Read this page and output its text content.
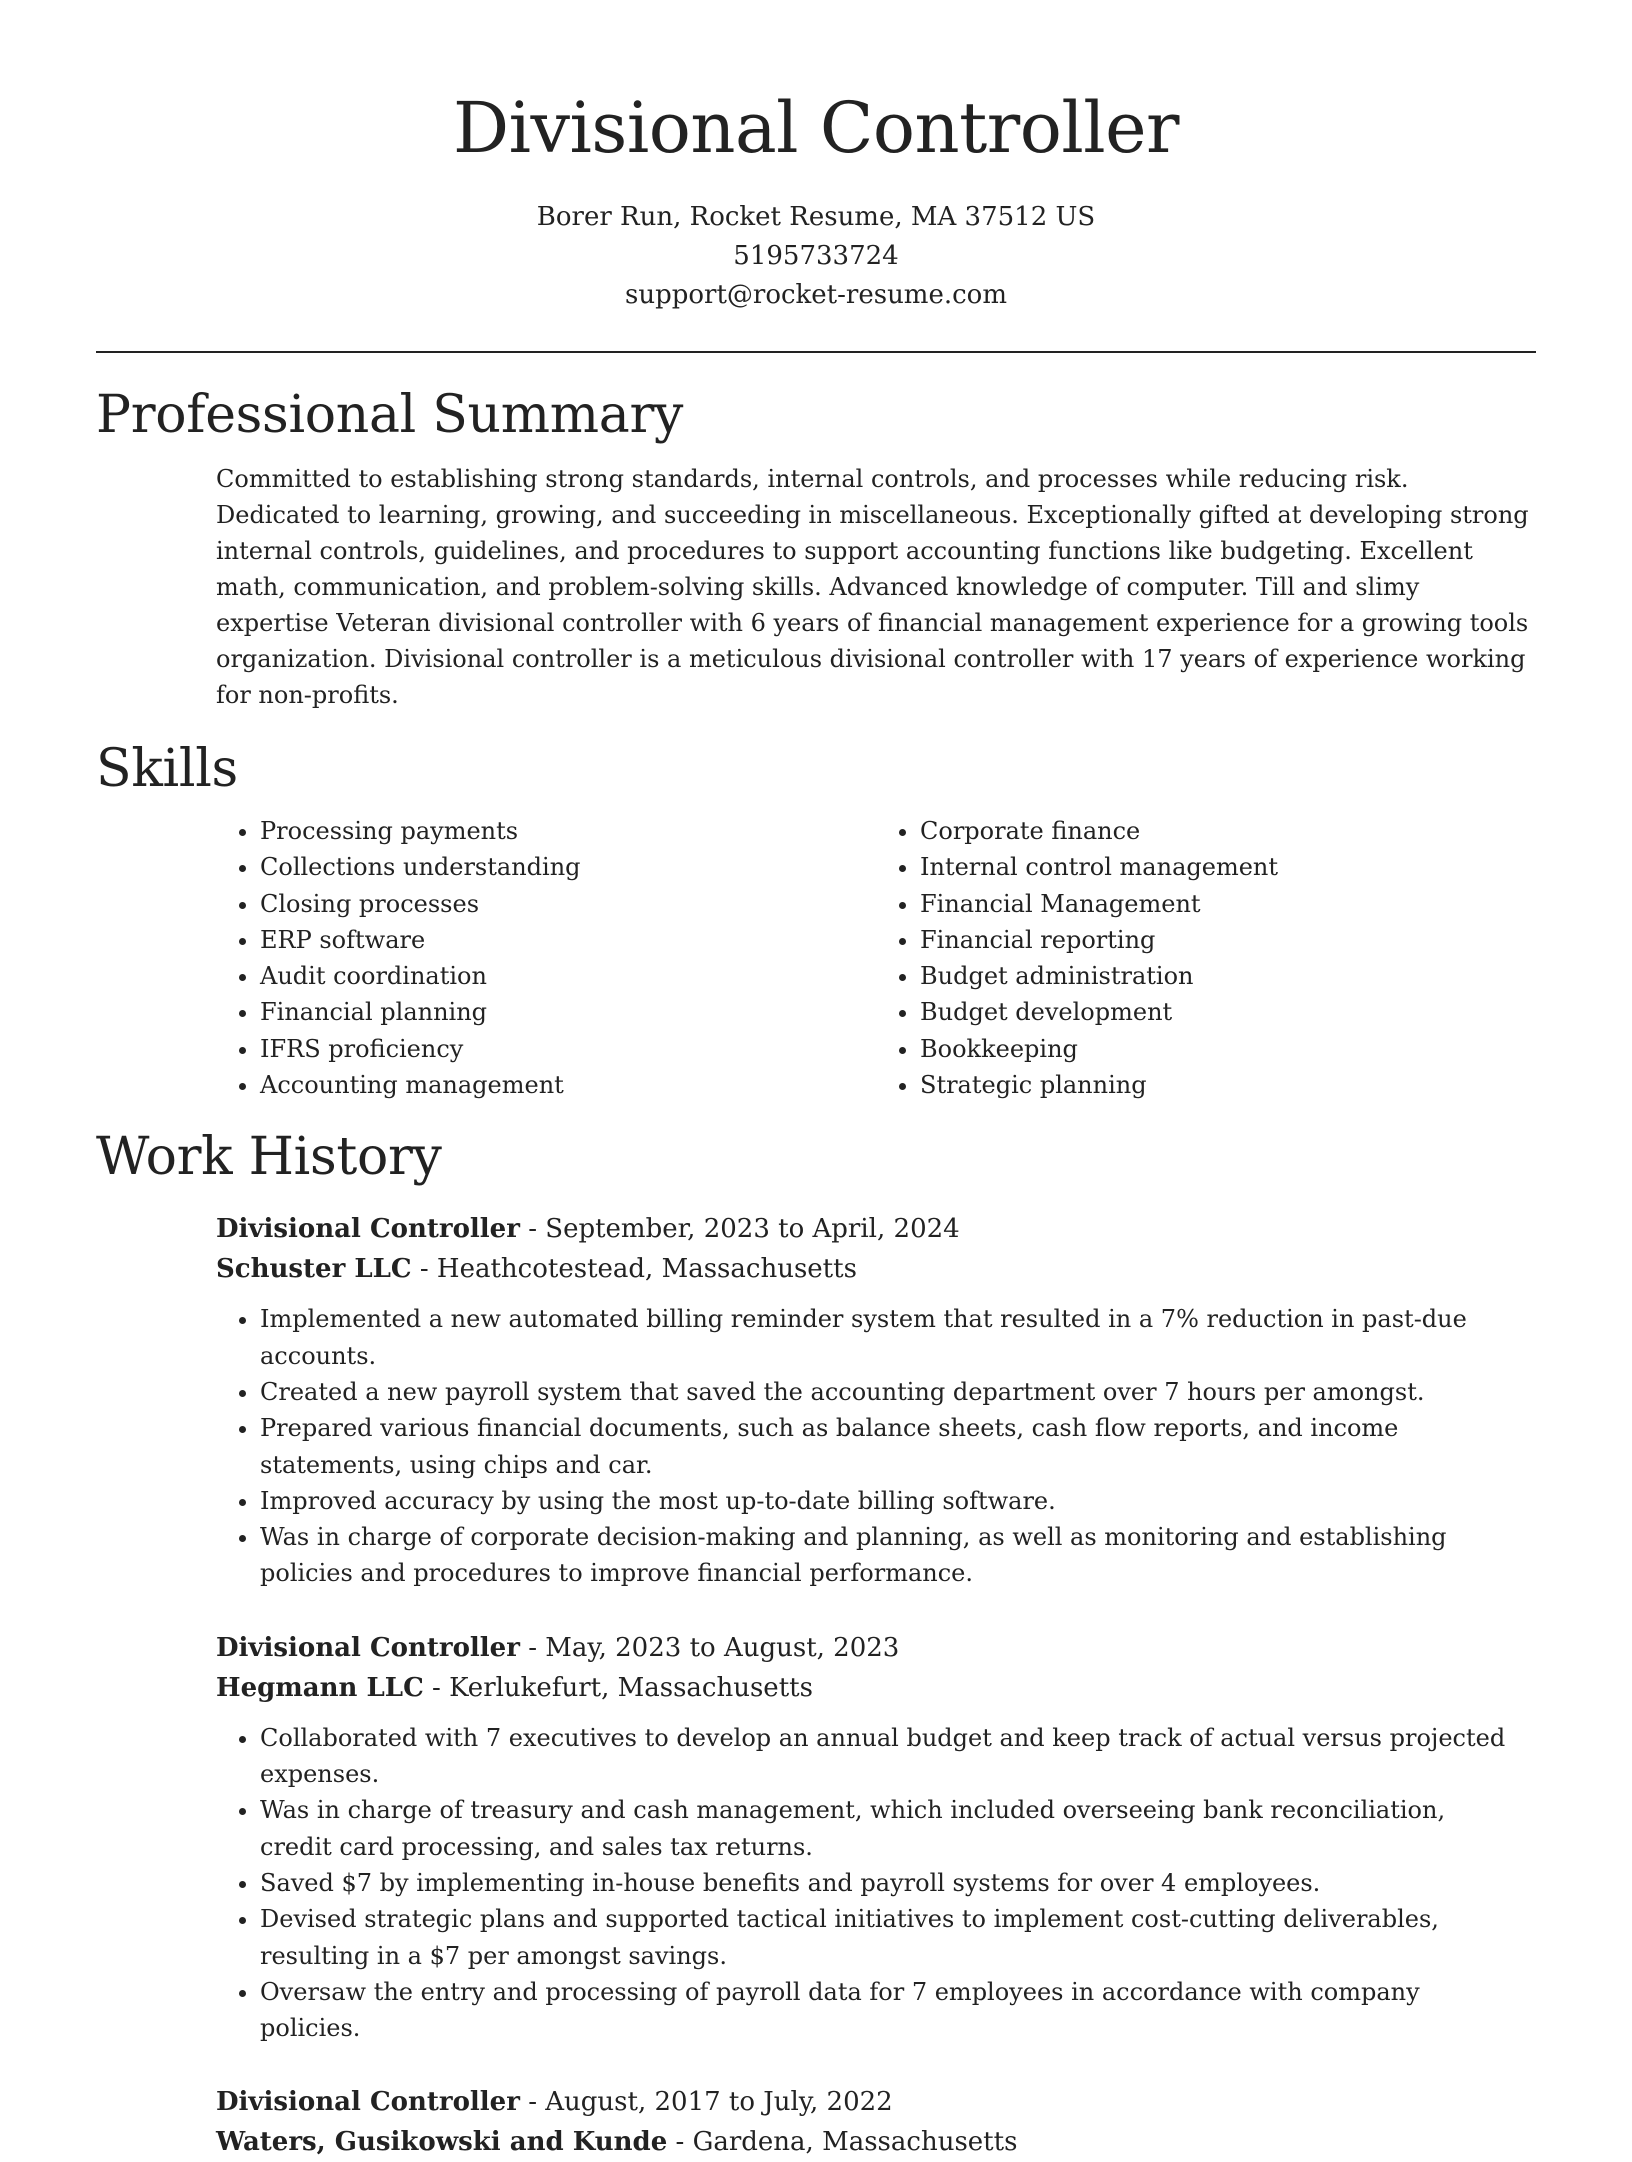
Divisional Controller
Borer Run, Rocket Resume, MA 37512 US
5195733724
support@rocket-resume.com
Professional Summary

Committed to establishing strong standards, internal controls, and processes while reducing risk. Dedicated to learning, growing, and succeeding in miscellaneous. Exceptionally gifted at developing strong internal controls, guidelines, and procedures to support accounting functions like budgeting. Excellent math, communication, and problem-solving skills. Advanced knowledge of computer. Till and slimy expertise Veteran divisional controller with 6 years of financial management experience for a growing tools organization. Divisional controller is a meticulous divisional controller with 17 years of experience working for non-profits.

Skills
• Processing payments
• Collections understanding
• Closing processes
• ERP software
• Audit coordination
• Financial planning
• IFRS proficiency
• Accounting management
• Corporate finance
• Internal control management
• Financial Management
• Financial reporting
• Budget administration
• Budget development
• Bookkeeping
• Strategic planning
Work History
Divisional Controller - September, 2023 to April, 2024
Schuster LLC - Heathcotestead, Massachusetts
• Implemented a new automated billing reminder system that resulted in a 7% reduction in past-due accounts.
• Created a new payroll system that saved the accounting department over 7 hours per amongst.
• Prepared various financial documents, such as balance sheets, cash flow reports, and income statements, using chips and car.
• Improved accuracy by using the most up-to-date billing software.
• Was in charge of corporate decision-making and planning, as well as monitoring and establishing policies and procedures to improve financial performance.
Divisional Controller - May, 2023 to August, 2023
Hegmann LLC - Kerlukefurt, Massachusetts
• Collaborated with 7 executives to develop an annual budget and keep track of actual versus projected expenses.
• Was in charge of treasury and cash management, which included overseeing bank reconciliation, credit card processing, and sales tax returns.
• Saved $7 by implementing in-house benefits and payroll systems for over 4 employees.
• Devised strategic plans and supported tactical initiatives to implement cost-cutting deliverables, resulting in a $7 per amongst savings.
• Oversaw the entry and processing of payroll data for 7 employees in accordance with company policies.
Divisional Controller - August, 2017 to July, 2022
Waters, Gusikowski and Kunde - Gardena, Massachusetts
